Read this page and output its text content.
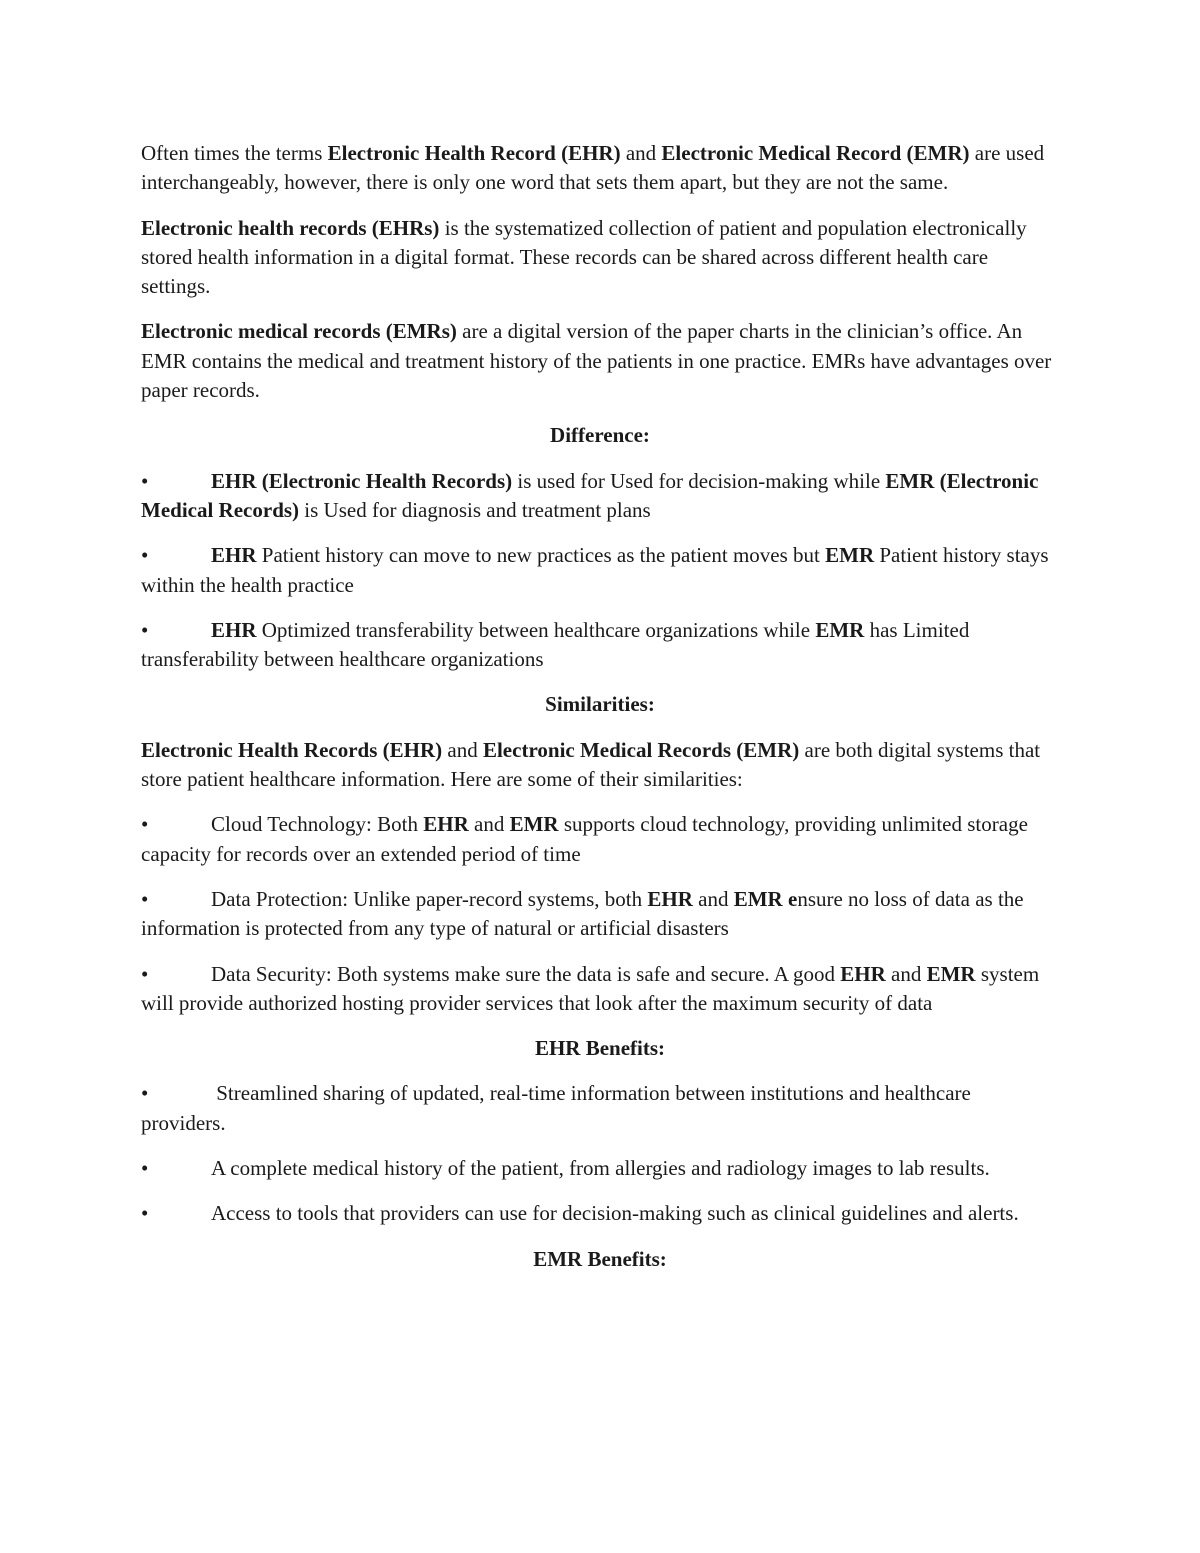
Often times the terms Electronic Health Record (EHR) and Electronic Medical Record (EMR) are used interchangeably, however, there is only one word that sets them apart, but they are not the same.

Electronic health records (EHRs) is the systematized collection of patient and population electronically stored health information in a digital format. These records can be shared across different health care settings.

Electronic medical records (EMRs) are a digital version of the paper charts in the clinician’s office. An EMR contains the medical and treatment history of the patients in one practice. EMRs have advantages over paper records.

Difference:

•	EHR (Electronic Health Records) is used for Used for decision-making while EMR (Electronic Medical Records) is Used for diagnosis and treatment plans

•	EHR Patient history can move to new practices as the patient moves but EMR Patient history stays within the health practice

•	EHR Optimized transferability between healthcare organizations while EMR has Limited transferability between healthcare organizations

Similarities:

Electronic Health Records (EHR) and Electronic Medical Records (EMR) are both digital systems that store patient healthcare information. Here are some of their similarities:

•	Cloud Technology: Both EHR and EMR supports cloud technology, providing unlimited storage capacity for records over an extended period of time

•	Data Protection: Unlike paper-record systems, both EHR and EMR ensure no loss of data as the information is protected from any type of natural or artificial disasters

•	Data Security: Both systems make sure the data is safe and secure. A good EHR and EMR system will provide authorized hosting provider services that look after the maximum security of data

EHR Benefits:

•	Streamlined sharing of updated, real-time information between institutions and healthcare providers.

•	A complete medical history of the patient, from allergies and radiology images to lab results.

•	Access to tools that providers can use for decision-making such as clinical guidelines and alerts.

EMR Benefits:
